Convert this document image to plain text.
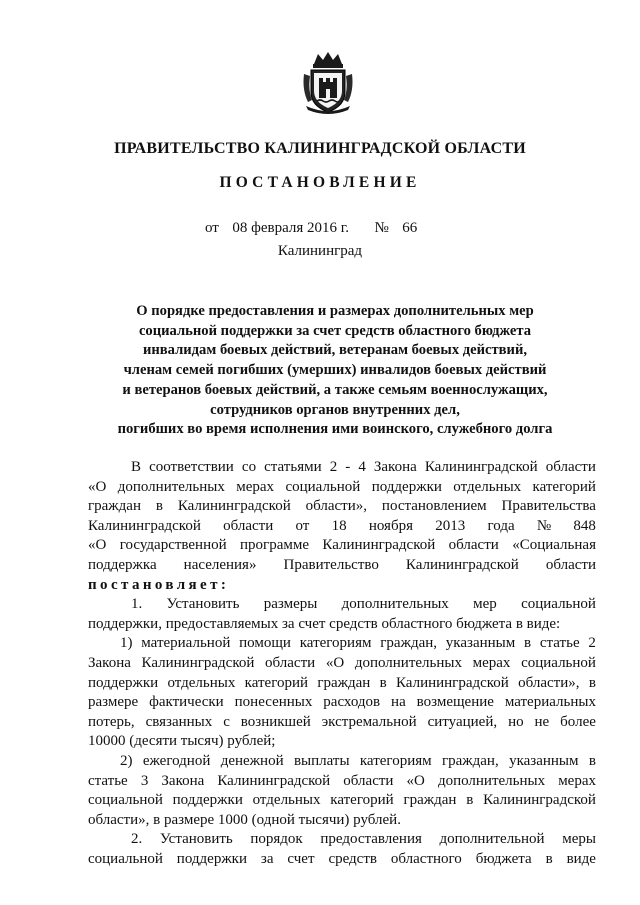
ПРАВИТЕЛЬСТВО КАЛИНИНГРАДСКОЙ ОБЛАСТИ
ПОСТАНОВЛЕНИЕ
от 08 февраля 2016 г. № 66
Калининград
О порядке предоставления и размерах дополнительных мер
социальной поддержки за счет средств областного бюджета
инвалидам боевых действий, ветеранам боевых действий,
членам семей погибших (умерших) инвалидов боевых действий
и ветеранов боевых действий, а также семьям военнослужащих,
сотрудников органов внутренних дел,
погибших во время исполнения ими воинского, служебного долга
В соответствии со статьями 2 - 4 Закона Калининградской области
«О дополнительных мерах социальной поддержки отдельных категорий
граждан в Калининградской области», постановлением Правительства
Калининградской области от 18 ноября 2013 года № 848
«О государственной программе Калининградской области «Социальная
поддержка населения» Правительство Калининградской области
постановляет:
1. Установить размеры дополнительных мер социальной
поддержки, предоставляемых за счет средств областного бюджета в виде:
1) материальной помощи категориям граждан, указанным в статье 2
Закона Калининградской области «О дополнительных мерах социальной
поддержки отдельных категорий граждан в Калининградской области», в
размере фактически понесенных расходов на возмещение материальных
потерь, связанных с возникшей экстремальной ситуацией, но не более
10000 (десяти тысяч) рублей;
2) ежегодной денежной выплаты категориям граждан, указанным в
статье 3 Закона Калининградской области «О дополнительных мерах
социальной поддержки отдельных категорий граждан в Калининградской
области», в размере 1000 (одной тысячи) рублей.
2. Установить порядок предоставления дополнительной меры
социальной поддержки за счет средств областного бюджета в виде
